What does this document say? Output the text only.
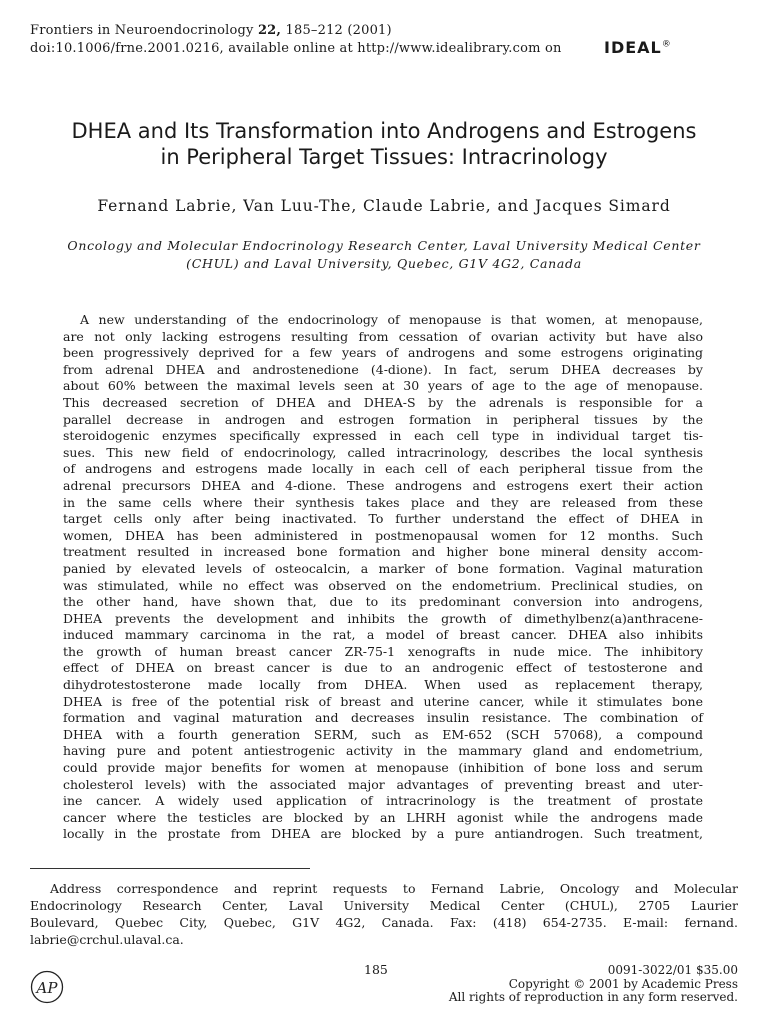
Frontiers in Neuroendocrinology 22, 185–212 (2001)
doi:10.1006/frne.2001.0216, available online at http://www.idealibrary.com on	IDEAL®
DHEA and Its Transformation into Androgens and Estrogens
in Peripheral Target Tissues: Intracrinology
Fernand Labrie, Van Luu-The, Claude Labrie, and Jacques Simard
Oncology and Molecular Endocrinology Research Center, Laval University Medical Center
(CHUL) and Laval University, Quebec, G1V 4G2, Canada
A new understanding of the endocrinology of menopause is that women, at menopause,
are not only lacking estrogens resulting from cessation of ovarian activity but have also
been progressively deprived for a few years of androgens and some estrogens originating
from adrenal DHEA and androstenedione (4-dione). In fact, serum DHEA decreases by
about 60% between the maximal levels seen at 30 years of age to the age of menopause.
This decreased secretion of DHEA and DHEA-S by the adrenals is responsible for a
parallel decrease in androgen and estrogen formation in peripheral tissues by the
steroidogenic enzymes specifically expressed in each cell type in individual target tis-
sues. This new field of endocrinology, called intracrinology, describes the local synthesis
of androgens and estrogens made locally in each cell of each peripheral tissue from the
adrenal precursors DHEA and 4-dione. These androgens and estrogens exert their action
in the same cells where their synthesis takes place and they are released from these
target cells only after being inactivated. To further understand the effect of DHEA in
women, DHEA has been administered in postmenopausal women for 12 months. Such
treatment resulted in increased bone formation and higher bone mineral density accom-
panied by elevated levels of osteocalcin, a marker of bone formation. Vaginal maturation
was stimulated, while no effect was observed on the endometrium. Preclinical studies, on
the other hand, have shown that, due to its predominant conversion into androgens,
DHEA prevents the development and inhibits the growth of dimethylbenz(a)anthracene-
induced mammary carcinoma in the rat, a model of breast cancer. DHEA also inhibits
the growth of human breast cancer ZR-75-1 xenografts in nude mice. The inhibitory
effect of DHEA on breast cancer is due to an androgenic effect of testosterone and
dihydrotestosterone made locally from DHEA. When used as replacement therapy,
DHEA is free of the potential risk of breast and uterine cancer, while it stimulates bone
formation and vaginal maturation and decreases insulin resistance. The combination of
DHEA with a fourth generation SERM, such as EM-652 (SCH 57068), a compound
having pure and potent antiestrogenic activity in the mammary gland and endometrium,
could provide major benefits for women at menopause (inhibition of bone loss and serum
cholesterol levels) with the associated major advantages of preventing breast and uter-
ine cancer. A widely used application of intracrinology is the treatment of prostate
cancer where the testicles are blocked by an LHRH agonist while the androgens made
locally in the prostate from DHEA are blocked by a pure antiandrogen. Such treatment,
Address correspondence and reprint requests to Fernand Labrie, Oncology and Molecular
Endocrinology Research Center, Laval University Medical Center (CHUL), 2705 Laurier
Boulevard, Quebec City, Quebec, G1V 4G2, Canada. Fax: (418) 654-2735. E-mail: fernand.
labrie@crchul.ulaval.ca.
AP
185	0091-3022/01 $35.00
Copyright © 2001 by Academic Press
All rights of reproduction in any form reserved.
